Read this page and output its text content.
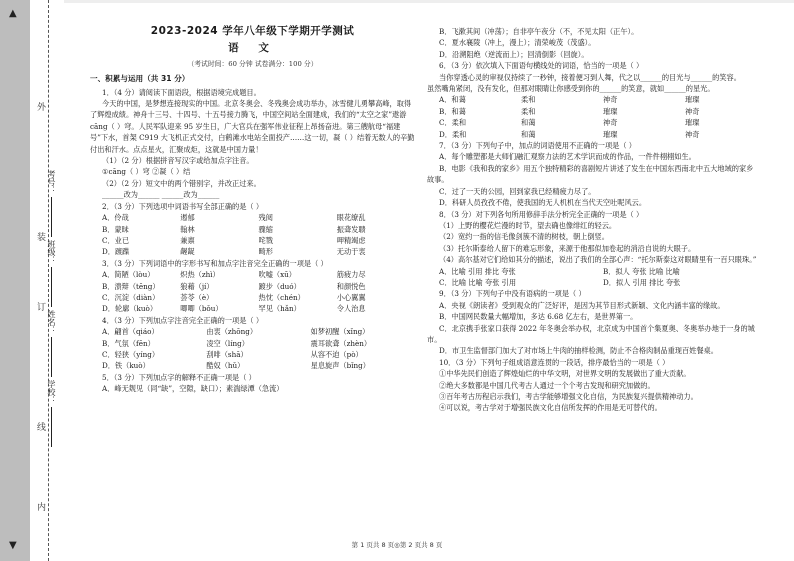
▲
▼
外
装
订
线
内
学校：
姓名：
班级：
考号：
2023-2024 学年八年级下学期开学测试
语 文
（考试时间：60 分钟 试卷满分：100 分）
一、积累与运用（共 31 分）

1．（4 分）请阅读下面语段，根据语境完成题目。

今天的中国，是梦想连接现实的中国。北京冬奥会、冬残奥会成功举办，冰雪健儿勇攀高峰，取得

了辉煌成绩。神舟十三号、十四号、十五号接力腾飞，中国空间站全面建成，我们的“太空之家”遨游

cāng（ ）穹。人民军队迎来 95 岁生日，广大官兵在强军伟业征程上昂扬奋进。第三艘航母“福建

号”下水，首架 C919 大飞机正式交付，白鹤滩水电站全面投产……这一切，凝（ ）结着无数人的辛勤

付出和汗水。点点星火，汇聚成炬，这就是中国力量！

（1）（2 分）根据拼音写汉字或给加点字注音。

①cāng（ ）穹 ②凝（ ）结

（2）（2 分）短文中的两个错别字，并改正过来。

______改为______ ______改为______

2．（3 分）下列选项中词语书写全部正确的是（ ）

A．伶哉	遏郁	残阅	眼花缭乱
B．蒙昧	翰林	骤缩	振聋发聩
C．业已	兼禀	咤戮	呷精竭虑
D．踱蹀	龌龊	畸形	无动于衷

3．（3 分）下列词语中的字形书写和加点字注音完全正确的一项是（ ）

A．简陋（lòu）	炽热（zhì）	吹嘘（xū）	筋疲力尽
B．溃辩（tēng）	狼藉（jí）	踱步（duó）	和颜悦色
C．沉淀（diàn）	荟苓（è）	热忱（chén）	小心翼翼
D．轮廓（kuò）	唧唧（bǒu）	罕见（hǎn）	令人治息

4．（3 分）下列加点字注音完全正确的一项是（ ）

A．翩首（qiáo）	由衷（zhōng）	如梦初醒（xǐng）
B．气氛（fēn）	凌空（líng）	震耳欲聋（zhèn）
C．轻狭（yíng）	刮啡（shā）	从容不迫（pò）
D．铁（kuò）	酷奴（hǔ）	星息旋声（bǐng）

5．（3 分）下列加点字的解释不正确一项是（ ）

A．峰无觌见（同“缺”，空隙，缺口）；素湍绿潭（急流）

B．飞漱其间（冲荡）；自非亭午夜分（不，不见太阳（正午）。

C．夏水襄陵（冲上，漫上）；清荣峻茂（茂盛）。

D．沿溯阻绝（逆流而上）；回清倒影（回旋）。

6．（3 分）依次填入下面语句横线处的词语，恰当的一项是（ ）

当你穿透心灵的审视仅持续了一秒钟，接着便习到人舞，代之以______的目光与______的笑容。

虽然嘴角紧闭，没有发化，但那对眼睛让你感受到你的______的笑意，就如______的星光。

A．和蔼	柔和	神奇	璀璨
B．和蔼	柔和	璀璨	神奇
C．柔和	和蔼	神奇	璀璨
D．柔和	和蔼	璀璨	神奇

7．（3 分）下列句子中，加点的词语使用不正确的一项是（ ）

A．每个雕塑都是大师们融汇观察力法的艺术学识而成的作品，一件件栩栩如生。

B．电影《我和我的家乡》用五个独特精彩的喜剧短片讲述了发生在中国东西南北中五大地域的家乡

故事。

C．过了一天的公园，回到家我已经精疲力尽了。

D．科研人员孜孜不倦，使我国的无人机机在当代天空吐呢风云。

8．（3 分）对下列各句所用修辞手法分析完全正确的一项是（ ）

（1）上野的樱花烂漫的时节，望去确也像绯红的轻云。

（2）宽约一指的信毛像剑簇不清的树枝，朝上倒竖。

（3）托尔斯泰给人留下的难忘形象，来源于他那似加卷起的消沿自说的大眼子。

（4）高尔基对它们给如其分的描述，说出了我们的全部心声：“托尔斯泰这对眼睛里有一百只眼珠。”

A．比喻 引用 排比 夸张	B．拟人 夸张 比喻 比喻
C．比喻 比喻 夸张 引用	D．拟人 引用 排比 夸张

9．（3 分）下列句子中没有语病的一项是（ ）

A．央视《朗读者》受到观众的广泛好评，是因为其节目形式新颖、文化内涵丰富的缘故。

B．中国网民数量大幅增加，多达 6.68 亿左右，是世界第一。

C．北京携手张家口获得 2022 年冬奥会举办权，北京成为中国首个集夏奥、冬奥举办地于一身的城

市。

D．市卫生监督部门加大了对市场上牛肉的抽样检测，防止不合格肉制品重现百姓餐桌。

10．（3 分）下列句子组成语意连贯的一段话，排序最恰当的一项是（ ）

①中华先民们创造了辉煌灿烂的中华文明，对世界文明的发展做出了重大贡献。

②绝大多数都是中国几代考古人通过一个个考古发现和研究加做的。

③百年考古历程启示我们，考古学能够增强文化自信，为民族复兴提供精神动力。

④可以说，考古学对于增强民族文化自信所发挥的作用是无可替代的。

第 1 页共 8 页◎第 2 页共 8 页
